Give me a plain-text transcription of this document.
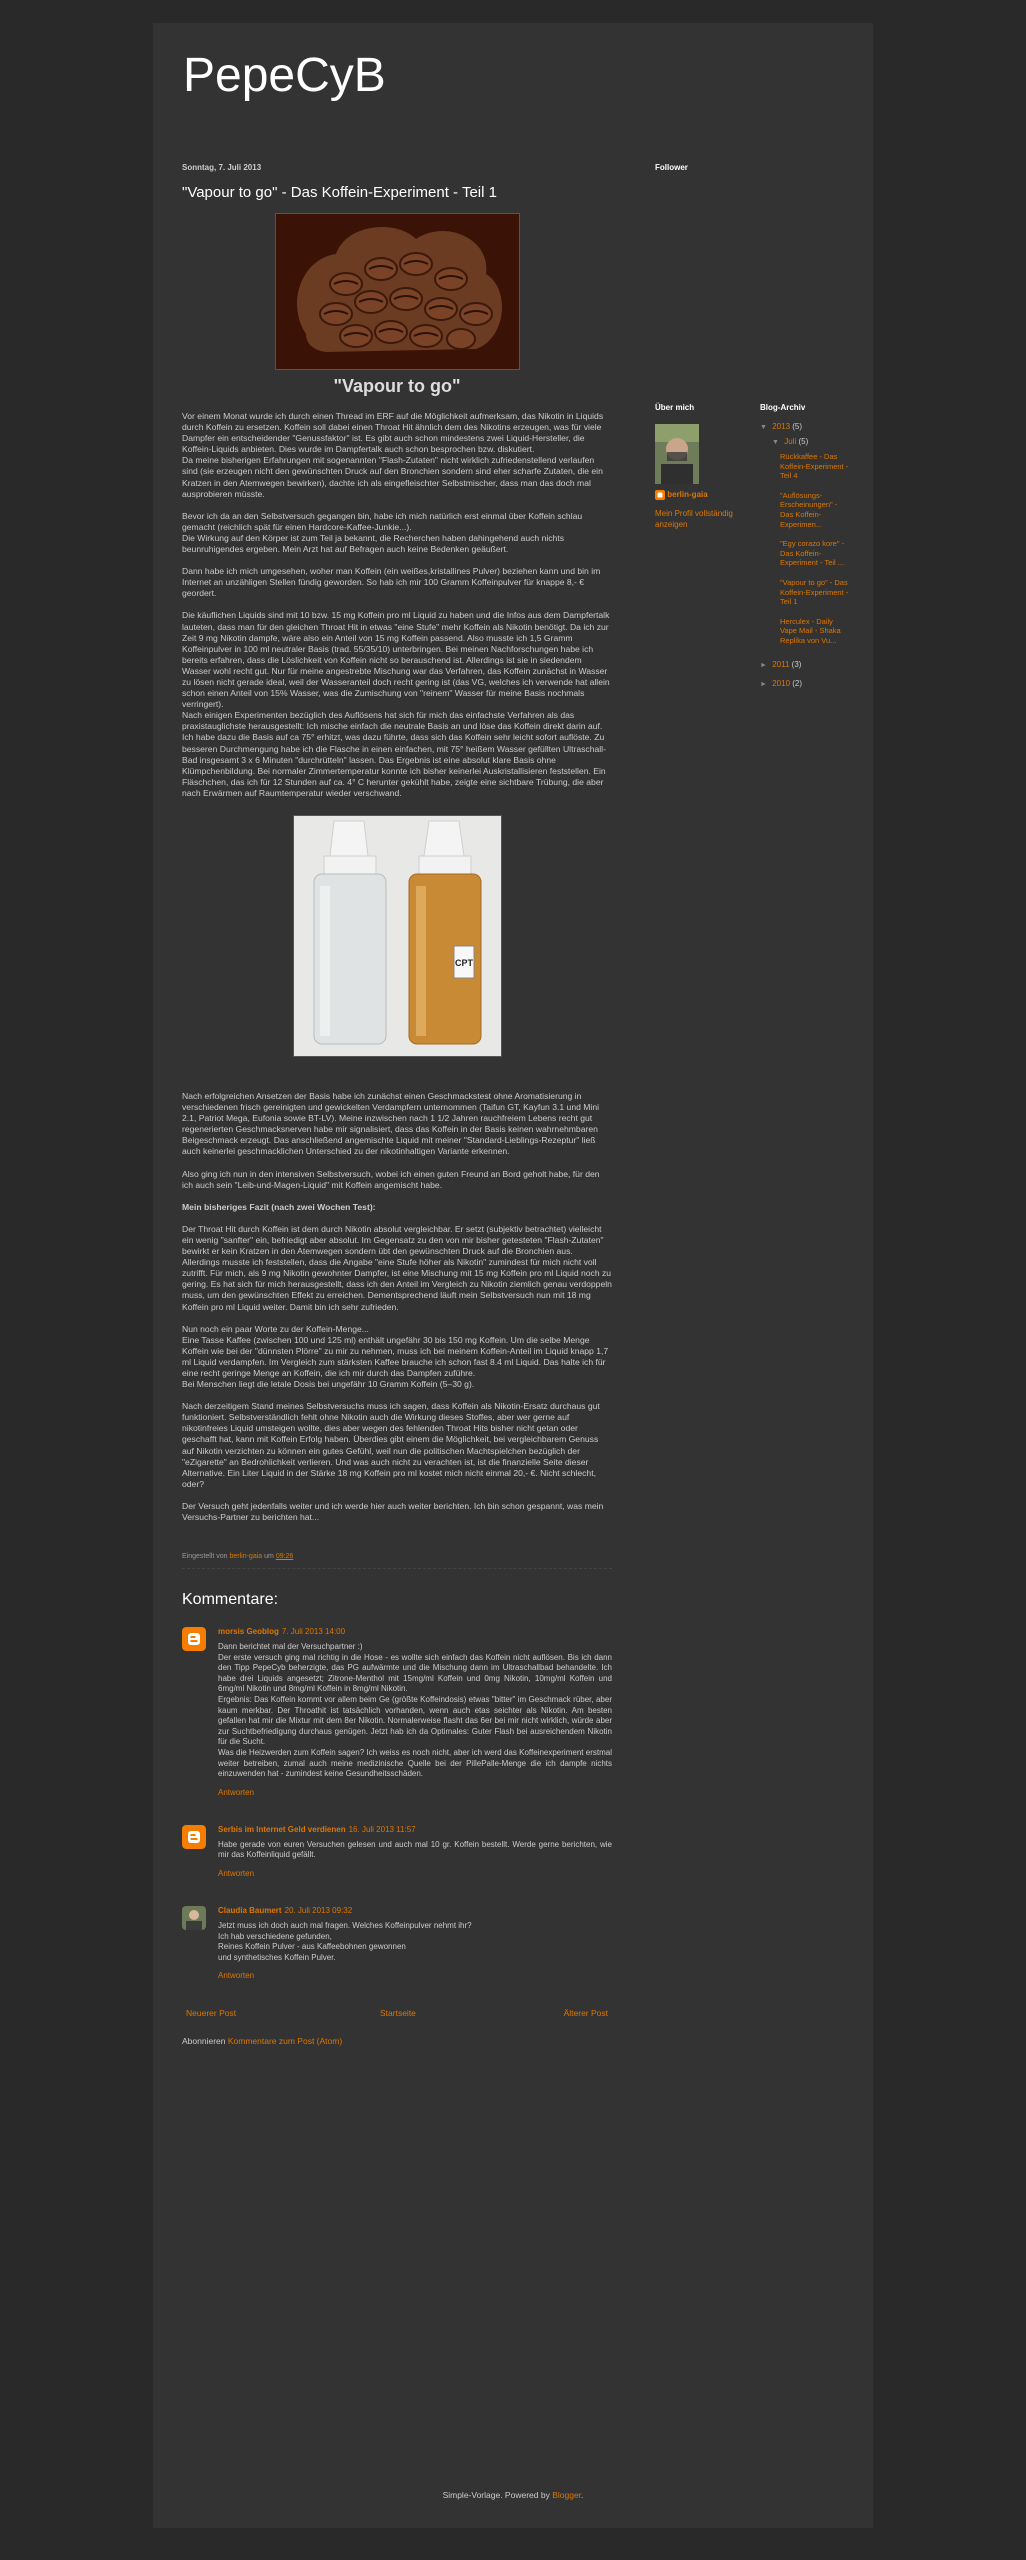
PepeCyB
Sonntag, 7. Juli 2013
"Vapour to go" - Das Koffein-Experiment - Teil 1
"Vapour to go"

Vor einem Monat wurde ich durch einen Thread im ERF auf die Möglichkeit aufmerksam, das Nikotin in Liquids durch Koffein zu ersetzen. Koffein soll dabei einen Throat Hit ähnlich dem des Nikotins erzeugen, was für viele Dampfer ein entscheidender "Genussfaktor" ist. Es gibt auch schon mindestens zwei Liquid-Hersteller, die Koffein-Liquids anbieten. Dies wurde im Dampfertalk auch schon besprochen bzw. diskutiert.
Da meine bisherigen Erfahrungen mit sogenannten "Flash-Zutaten" nicht wirklich zufriedenstellend verlaufen sind (sie erzeugen nicht den gewünschten Druck auf den Bronchien sondern sind eher scharfe Zutaten, die ein Kratzen in den Atemwegen bewirken), dachte ich als eingefleischter Selbstmischer, dass man das doch mal ausprobieren müsste.

Bevor ich da an den Selbstversuch gegangen bin, habe ich mich natürlich erst einmal über Koffein schlau gemacht (reichlich spät für einen Hardcore-Kaffee-Junkie...).
Die Wirkung auf den Körper ist zum Teil ja bekannt, die Recherchen haben dahingehend auch nichts beunruhigendes ergeben. Mein Arzt hat auf Befragen auch keine Bedenken geäußert.

Dann habe ich mich umgesehen, woher man Koffein (ein weißes,kristallines Pulver) beziehen kann und bin im Internet an unzähligen Stellen fündig geworden. So hab ich mir 100 Gramm Koffeinpulver für knappe 8,- € geordert.

Die käuflichen Liquids sind mit 10 bzw. 15 mg Koffein pro ml Liquid zu haben und die Infos aus dem Dampfertalk lauteten, dass man für den gleichen Throat Hit in etwas "eine Stufe" mehr Koffein als Nikotin benötigt. Da ich zur Zeit 9 mg Nikotin dampfe, wäre also ein Anteil von 15 mg Koffein passend. Also musste ich 1,5 Gramm Koffeinpulver in 100 ml neutraler Basis (trad. 55/35/10) unterbringen. Bei meinen Nachforschungen habe ich bereits erfahren, dass die Löslichkeit von Koffein nicht so berauschend ist. Allerdings ist sie in siedendem Wasser wohl recht gut. Nur für meine angestrebte Mischung war das Verfahren, das Koffein zunächst in Wasser zu lösen nicht gerade ideal, weil der Wasseranteil doch recht gering ist (das VG, welches ich verwende hat allein schon einen Anteil von 15% Wasser, was die Zumischung von "reinem" Wasser für meine Basis nochmals verringert).
Nach einigen Experimenten bezüglich des Auflösens hat sich für mich das einfachste Verfahren als das praxistauglichste herausgestellt: Ich mische einfach die neutrale Basis an und löse das Koffein direkt darin auf. Ich habe dazu die Basis auf ca 75° erhitzt, was dazu führte, dass sich das Koffein sehr leicht sofort auflöste. Zu besseren Durchmengung habe ich die Flasche in einen einfachen, mit 75° heißem Wasser gefüllten Ultraschall-Bad insgesamt 3 x 6 Minuten "durchrütteln" lassen. Das Ergebnis ist eine absolut klare Basis ohne Klümpchenbildung. Bei normaler Zimmertemperatur konnte ich bisher keinerlei Auskristallisieren feststellen. Ein Fläschchen, das ich für 12 Stunden auf ca. 4° C herunter gekühlt habe, zeigte eine sichtbare Trübung, die aber nach Erwärmen auf Raumtemperatur wieder verschwand.

CPT

Nach erfolgreichen Ansetzen der Basis habe ich zunächst einen Geschmackstest ohne Aromatisierung in verschiedenen frisch gereinigten und gewickelten Verdampfern unternommen (Taifun GT, Kayfun 3.1 und Mini 2.1, Patriot Mega, Eufonia sowie BT-LV). Meine inzwischen nach 1 1/2 Jahren rauchfreiem Lebens recht gut regenerierten Geschmacksnerven habe mir signalisiert, dass das Koffein in der Basis keinen wahrnehmbaren Beigeschmack erzeugt. Das anschließend angemischte Liquid mit meiner "Standard-Lieblings-Rezeptur" ließ auch keinerlei geschmacklichen Unterschied zu der nikotinhaltigen Variante erkennen.

Also ging ich nun in den intensiven Selbstversuch, wobei ich einen guten Freund an Bord geholt habe, für den ich auch sein "Leib-und-Magen-Liquid" mit Koffein angemischt habe.

Mein bisheriges Fazit (nach zwei Wochen Test):

Der Throat Hit durch Koffein ist dem durch Nikotin absolut vergleichbar. Er setzt (subjektiv betrachtet) vielleicht ein wenig "sanfter" ein, befriedigt aber absolut. Im Gegensatz zu den von mir bisher getesteten "Flash-Zutaten" bewirkt er kein Kratzen in den Atemwegen sondern übt den gewünschten Druck auf die Bronchien aus. Allerdings musste ich feststellen, dass die Angabe "eine Stufe höher als Nikotin" zumindest für mich nicht voll zutrifft. Für mich, als 9 mg Nikotin gewohnter Dampfer, ist eine Mischung mit 15 mg Koffein pro ml Liquid noch zu gering. Es hat sich für mich herausgestellt, dass ich den Anteil im Vergleich zu Nikotin ziemlich genau verdoppeln muss, um den gewünschten Effekt zu erreichen. Dementsprechend läuft mein Selbstversuch nun mit 18 mg Koffein pro ml Liquid weiter. Damit bin ich sehr zufrieden.

Nun noch ein paar Worte zu der Koffein-Menge...
Eine Tasse Kaffee (zwischen 100 und 125 ml) enthält ungefähr 30 bis 150 mg Koffein. Um die selbe Menge Koffein wie bei der "dünnsten Plörre" zu mir zu nehmen, muss ich bei meinem Koffein-Anteil im Liquid knapp 1,7 ml Liquid verdampfen. Im Vergleich zum stärksten Kaffee brauche ich schon fast 8.4 ml Liquid. Das halte ich für eine recht geringe Menge an Koffein, die ich mir durch das Dampfen zuführe.
Bei Menschen liegt die letale Dosis bei ungefähr 10 Gramm Koffein (5–30 g).

Nach derzeitigem Stand meines Selbstversuchs muss ich sagen, dass Koffein als Nikotin-Ersatz durchaus gut funktioniert. Selbstverständlich fehlt ohne Nikotin auch die Wirkung dieses Stoffes, aber wer gerne auf nikotinfreies Liquid umsteigen wollte, dies aber wegen des fehlenden Throat Hits bisher nicht getan oder geschafft hat, kann mit Koffein Erfolg haben. Überdies gibt einem die Möglichkeit, bei vergleichbarem Genuss auf Nikotin verzichten zu können ein gutes Gefühl, weil nun die politischen Machtspielchen bezüglich der "eZigarette" an Bedrohlichkeit verlieren. Und was auch nicht zu verachten ist, ist die finanzielle Seite dieser Alternative. Ein Liter Liquid in der Stärke 18 mg Koffein pro ml kostet mich nicht einmal 20,- €. Nicht schlecht, oder?

Der Versuch geht jedenfalls weiter und ich werde hier auch weiter berichten. Ich bin schon gespannt, was mein Versuchs-Partner zu berichten hat...

Eingestellt von berlin-gaia um 09:26
Kommentare:
morsis Geoblog 7. Juli 2013 14:00
Dann berichtet mal der Versuchpartner :)
Der erste versuch ging mal richtig in die Hose - es wollte sich einfach das Koffein nicht auflösen. Bis ich dann den Tipp PepeCyb beherzigte, das PG aufwärmte und die Mischung dann im Ultraschallbad behandelte. Ich habe drei Liquids angesetzt; Zitrone-Menthol mit 15mg/ml Koffein und 0mg Nikotin, 10mg/ml Koffein und 6mg/ml Nikotin und 8mg/ml Koffein in 8mg/ml Nikotin.
Ergebnis: Das Koffein kommt vor allem beim Ge (größte Koffeindosis) etwas "bitter" im Geschmack rüber, aber kaum merkbar. Der Throathit ist tatsächlich vorhanden, wenn auch etas seichter als Nikotin. Am besten gefallen hat mir die Mixtur mit dem 8er Nikotin. Normalerweise flasht das 6er bei mir nicht wirklich, würde aber zur Suchtbefriedigung durchaus genügen. Jetzt hab ich da Optimales: Guter Flash bei ausreichendem Nikotin für die Sucht.
Was die Heizwerden zum Koffein sagen? Ich weiss es noch nicht, aber ich werd das Koffeinexperiment erstmal weiter betreiben, zumal auch meine medizinische Quelle bei der PillePalle-Menge die ich dampfe nichts einzuwenden hat - zumindest keine Gesundheitsschäden.
Antworten
Serbis im Internet Geld verdienen 16. Juli 2013 11:57
Habe gerade von euren Versuchen gelesen und auch mal 10 gr. Koffein bestellt. Werde gerne berichten, wie mir das Koffeinliquid gefällt.
Antworten
Claudia Baumert 20. Juli 2013 09:32
Jetzt muss ich doch auch mal fragen. Welches Koffeinpulver nehmt ihr?
Ich hab verschiedene gefunden,
Reines Koffein Pulver - aus Kaffeebohnen gewonnen
und synthetisches Koffein Pulver.
Antworten
Neuerer Post	Startseite	Älterer Post
Abonnieren Kommentare zum Post (Atom)
Follower
Über mich
berlin-gaia
Mein Profil vollständig anzeigen
Blog-Archiv
▼ 2013 (5)
▼ Juli (5)
Rückkaffee - Das Koffein-Experiment - Teil 4
"Auflösungs-Erscheinungen" - Das Koffein-Experimen...
"Egy corazo kore" - Das Koffein-Experiment - Teil ...
"Vapour to go" - Das Koffein-Experiment - Teil 1
Herculex - Daily Vape Mail - Shaka Replika von Vu...
► 2011 (3)
► 2010 (2)
Simple-Vorlage. Powered by Blogger.
